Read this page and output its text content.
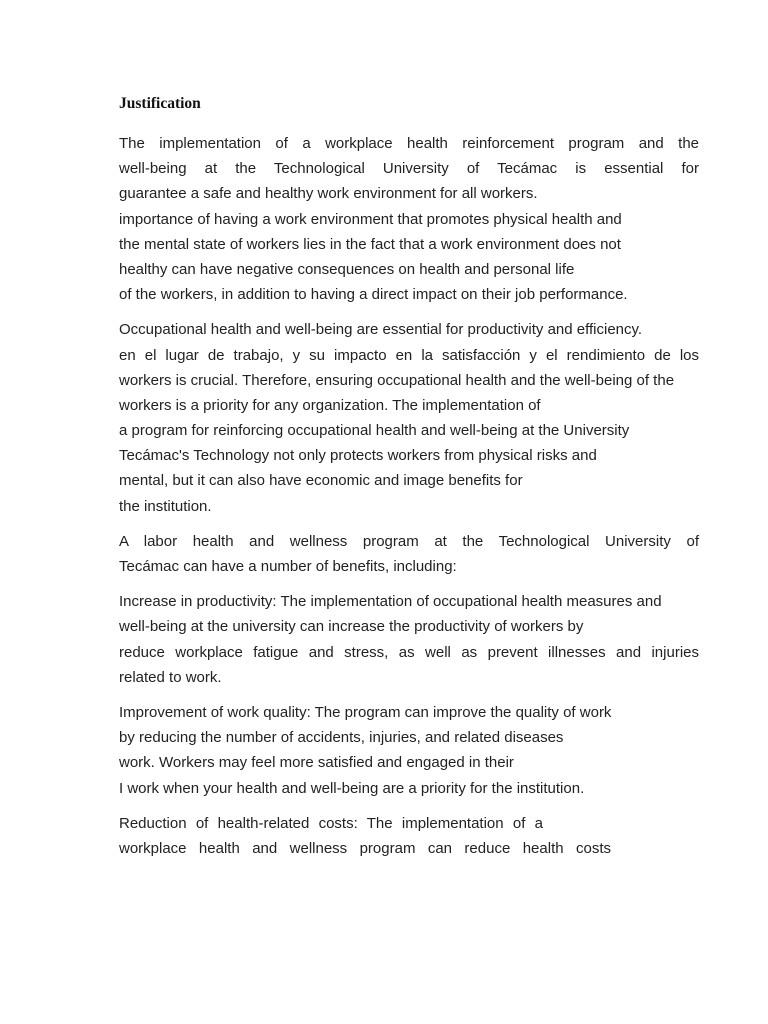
Justification

The implementation of a workplace health reinforcement program and the
well-being at the Technological University of Tecámac is essential for
guarantee a safe and healthy work environment for all workers.
importance of having a work environment that promotes physical health and
the mental state of workers lies in the fact that a work environment does not
healthy can have negative consequences on health and personal life
of the workers, in addition to having a direct impact on their job performance.

Occupational health and well-being are essential for productivity and efficiency.
en el lugar de trabajo, y su impacto en la satisfacción y el rendimiento de los
workers is crucial. Therefore, ensuring occupational health and the well-being of the
workers is a priority for any organization. The implementation of
a program for reinforcing occupational health and well-being at the University
Tecámac's Technology not only protects workers from physical risks and
mental, but it can also have economic and image benefits for
the institution.

A labor health and wellness program at the Technological University of
Tecámac can have a number of benefits, including:

Increase in productivity: The implementation of occupational health measures and
well-being at the university can increase the productivity of workers by
reduce workplace fatigue and stress, as well as prevent illnesses and injuries
related to work.

Improvement of work quality: The program can improve the quality of work
by reducing the number of accidents, injuries, and related diseases
work. Workers may feel more satisfied and engaged in their
I work when your health and well-being are a priority for the institution.

Reduction of health-related costs: The implementation of a
workplace health and wellness program can reduce health costs
